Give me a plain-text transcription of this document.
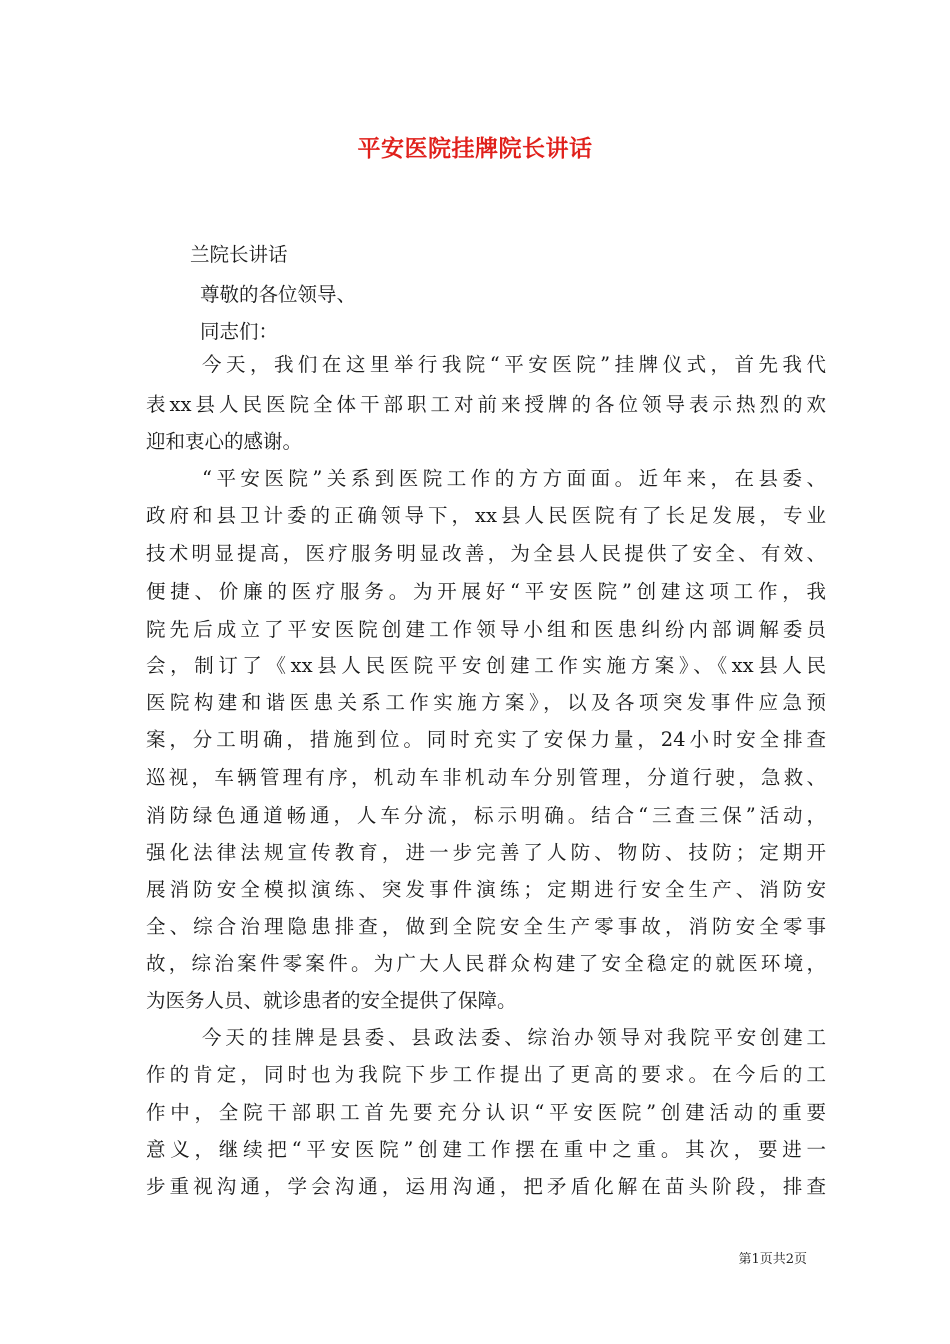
平安医院挂牌院长讲话
兰院长讲话
尊敬的各位领导、
同志们：
今天，我们在这里举行我院“平安医院”挂牌仪式，首先我代
表xx县人民医院全体干部职工对前来授牌的各位领导表示热烈的欢
迎和衷心的感谢。
“平安医院”关系到医院工作的方方面面。近年来，在县委、
政府和县卫计委的正确领导下，xx县人民医院有了长足发展，专业
技术明显提高，医疗服务明显改善，为全县人民提供了安全、有效、
便捷、价廉的医疗服务。为开展好“平安医院”创建这项工作，我
院先后成立了平安医院创建工作领导小组和医患纠纷内部调解委员
会，制订了《xx县人民医院平安创建工作实施方案》、《xx县人民
医院构建和谐医患关系工作实施方案》，以及各项突发事件应急预
案，分工明确，措施到位。同时充实了安保力量，24小时安全排查
巡视，车辆管理有序，机动车非机动车分别管理，分道行驶，急救、
消防绿色通道畅通，人车分流，标示明确。结合“三查三保”活动，
强化法律法规宣传教育，进一步完善了人防、物防、技防；定期开
展消防安全模拟演练、突发事件演练；定期进行安全生产、消防安
全、综合治理隐患排查，做到全院安全生产零事故，消防安全零事
故，综治案件零案件。为广大人民群众构建了安全稳定的就医环境，
为医务人员、就诊患者的安全提供了保障。
今天的挂牌是县委、县政法委、综治办领导对我院平安创建工
作的肯定，同时也为我院下步工作提出了更高的要求。在今后的工
作中，全院干部职工首先要充分认识“平安医院”创建活动的重要
意义，继续把“平安医院”创建工作摆在重中之重。其次，要进一
步重视沟通，学会沟通，运用沟通，把矛盾化解在苗头阶段，排查
第1页共2页
